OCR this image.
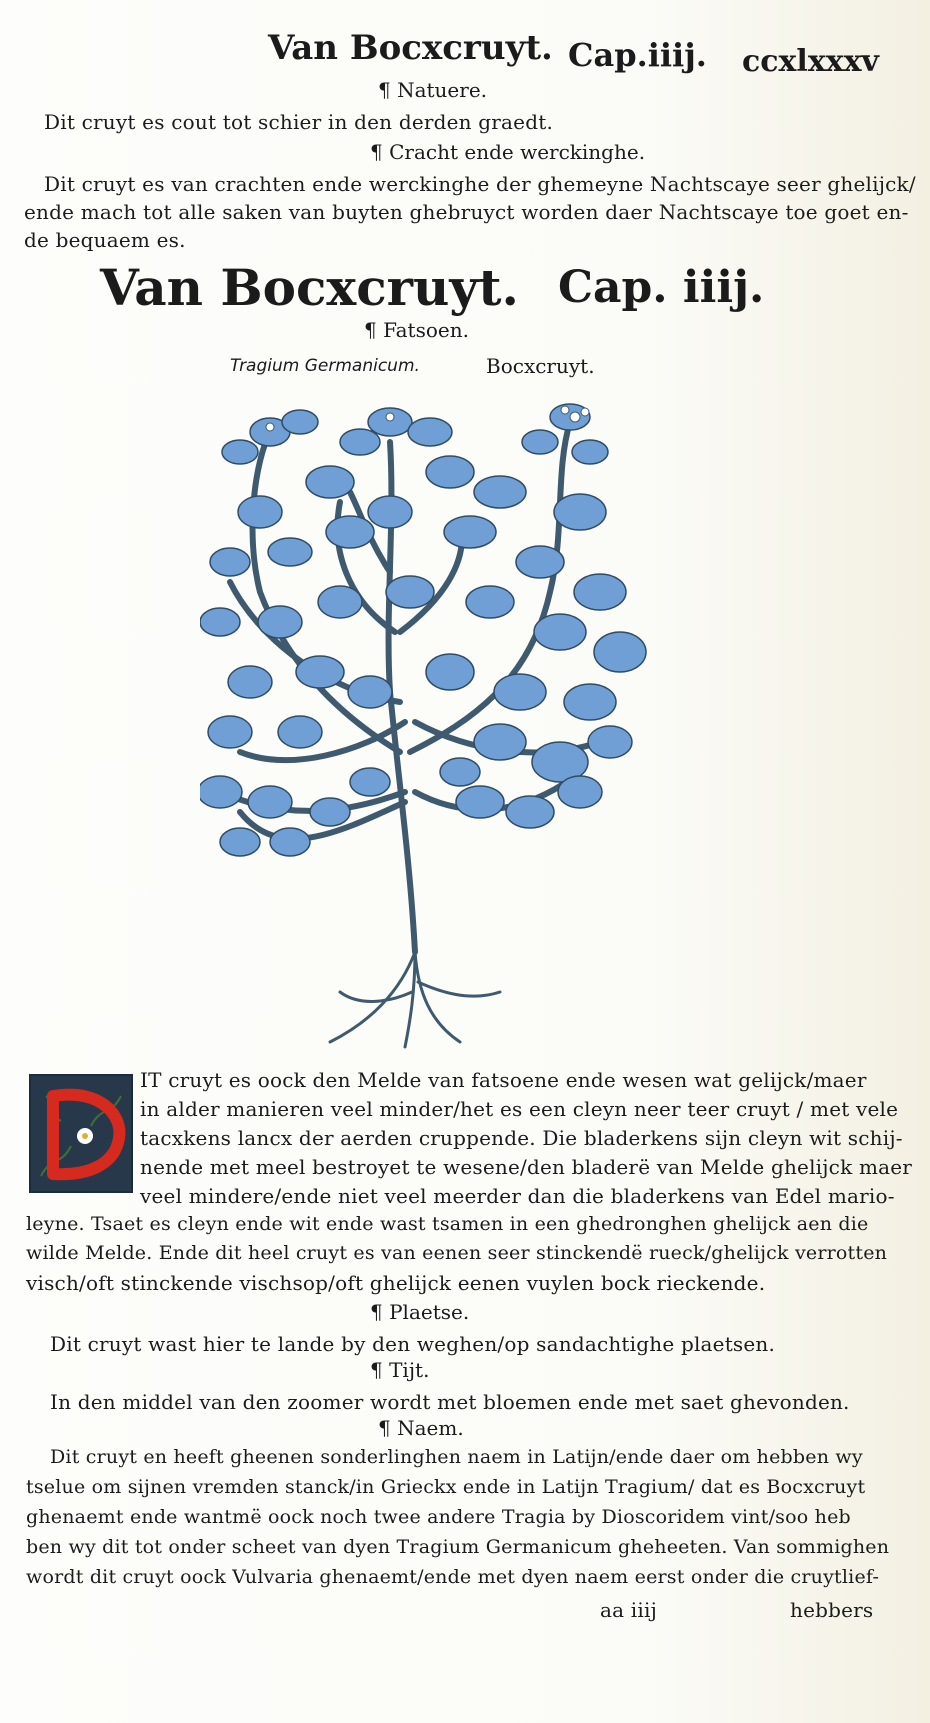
Van Bocxcruyt. Cap.iiij. ccxlxxxv
¶ Natuere.
Dit cruyt es cout tot schier in den derden graedt.
¶ Cracht ende werckinghe.
Dit cruyt es van crachten ende werckinghe der ghemeyne Nachtscaye seer ghelijck/
ende mach tot alle saken van buyten ghebruyct worden daer Nachtscaye toe goet en-
de bequaem es.
Van Bocxcruyt. Cap. iiij.
¶ Fatsoen.
Tragium Germanicum.	Bocxcruyt.
IT cruyt es oock den Melde van fatsoene ende wesen wat gelijck/maer
in alder manieren veel minder/het es een cleyn neer teer cruyt / met vele
tacxkens lancx der aerden cruppende. Die bladerkens sijn cleyn wit schij-
nende met meel bestroyet te wesene/den bladerë van Melde ghelijck maer
veel mindere/ende niet veel meerder dan die bladerkens van Edel mario-
leyne. Tsaet es cleyn ende wit ende wast tsamen in een ghedronghen ghelijck aen die
wilde Melde. Ende dit heel cruyt es van eenen seer stinckendë rueck/ghelijck verrotten
visch/oft stinckende vischsop/oft ghelijck eenen vuylen bock rieckende.
¶ Plaetse.
Dit cruyt wast hier te lande by den weghen/op sandachtighe plaetsen.
¶ Tijt.
In den middel van den zoomer wordt met bloemen ende met saet ghevonden.
¶ Naem.
Dit cruyt en heeft gheenen sonderlinghen naem in Latijn/ende daer om hebben wy
tselue om sijnen vremden stanck/in Grieckx ende in Latijn Tragium/ dat es Bocxcruyt
ghenaemt ende wantmë oock noch twee andere Tragia by Dioscoridem vint/soo heb
ben wy dit tot onder scheet van dyen Tragium Germanicum gheheeten. Van sommighen
wordt dit cruyt oock Vulvaria ghenaemt/ende met dyen naem eerst onder die cruytlief-
aa iiij	hebbers
